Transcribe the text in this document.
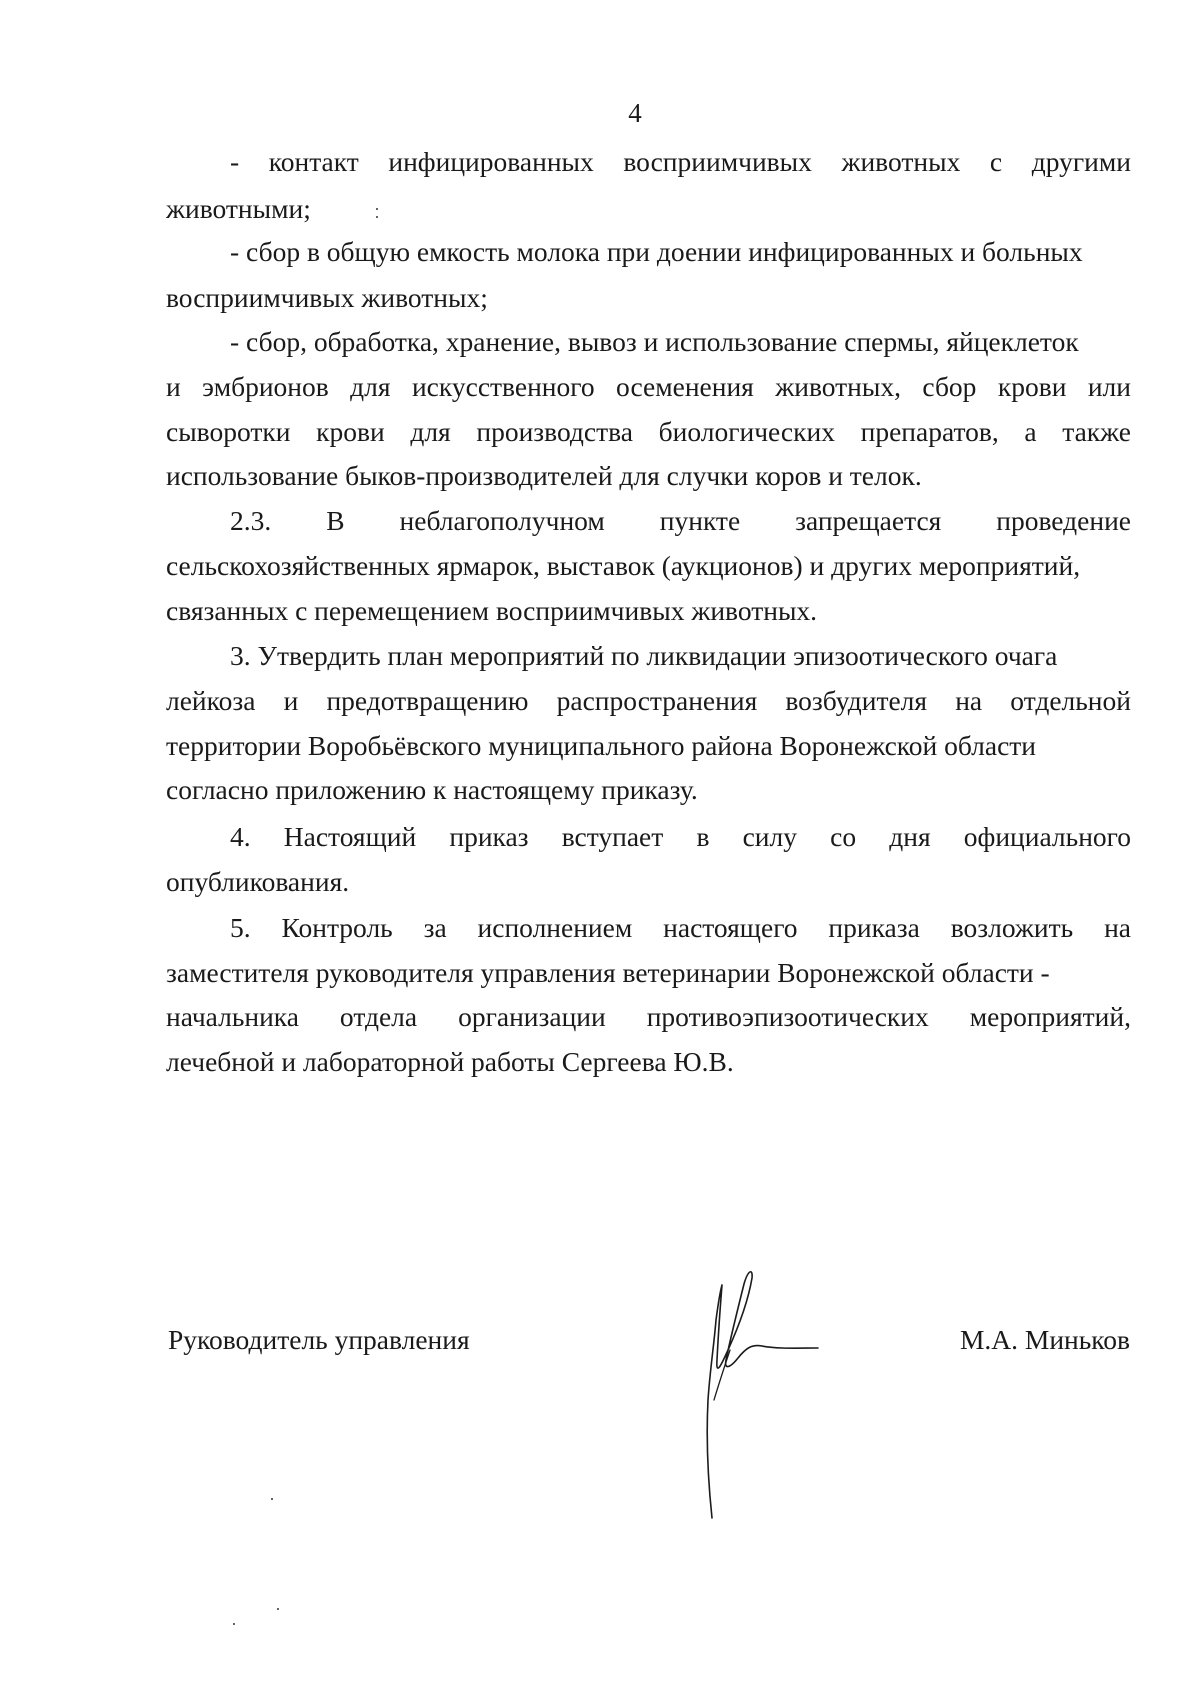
4
- контакт инфицированных восприимчивых животных с другими
животными;
- сбор в общую емкость молока при доении инфицированных и больных
восприимчивых животных;
- сбор, обработка, хранение, вывоз и использование спермы, яйцеклеток
и эмбрионов для искусственного осеменения животных, сбор крови или
сыворотки крови для производства биологических препаратов, а также
использование быков-производителей для случки коров и телок.
2.3. В неблагополучном пункте запрещается проведение
сельскохозяйственных ярмарок, выставок (аукционов) и других мероприятий,
связанных с перемещением восприимчивых животных.
3. Утвердить план мероприятий по ликвидации эпизоотического очага
лейкоза и предотвращению распространения возбудителя на отдельной
территории Воробьёвского муниципального района Воронежской области
согласно приложению к настоящему приказу.
4. Настоящий приказ вступает в силу со дня официального
опубликования.
5. Контроль за исполнением настоящего приказа возложить на
заместителя руководителя управления ветеринарии Воронежской области -
начальника отдела организации противоэпизоотических мероприятий,
лечебной и лабораторной работы Сергеева Ю.В.
Руководитель управления	М.А. Миньков
